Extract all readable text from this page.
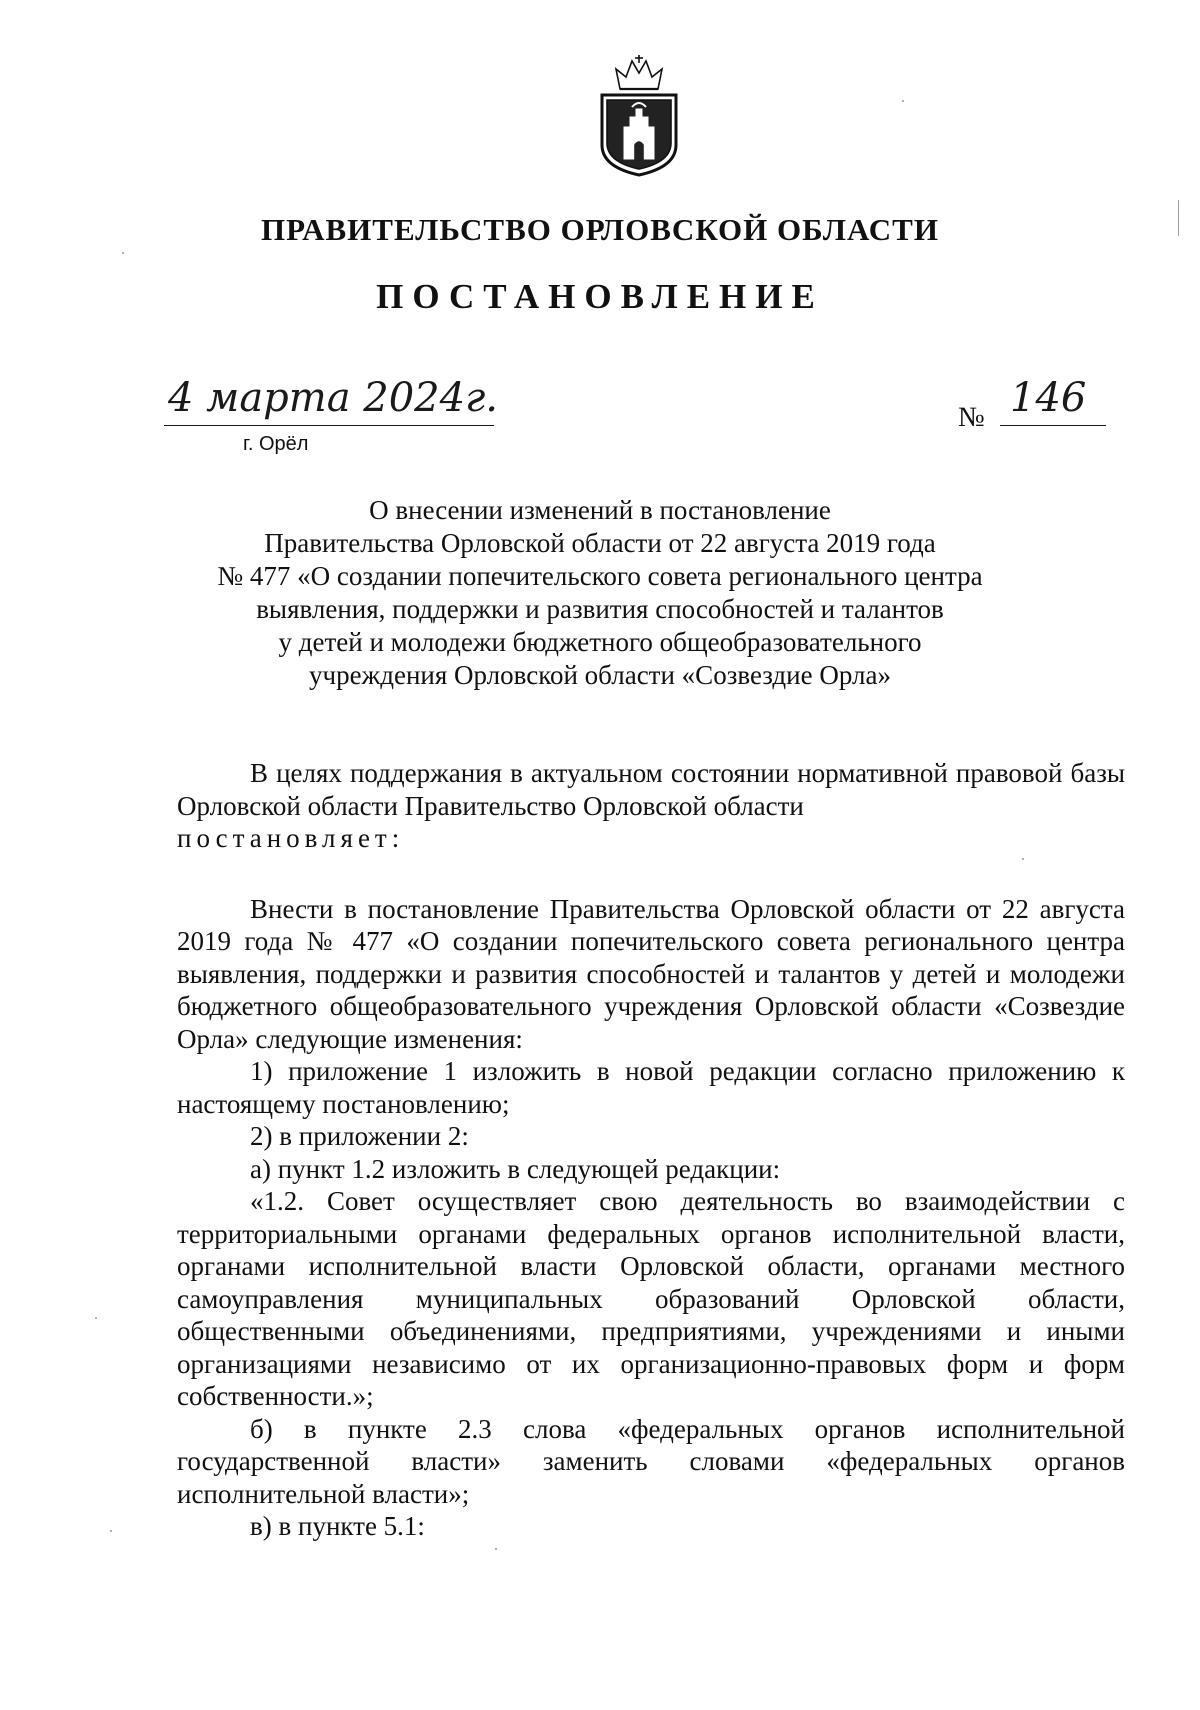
ПРАВИТЕЛЬСТВО ОРЛОВСКОЙ ОБЛАСТИ
ПОСТАНОВЛЕНИЕ
4 марта 2024г.
г. Орёл
№ 146
О внесении изменений в постановление
Правительства Орловской области от 22 августа 2019 года
№ 477 «О создании попечительского совета регионального центра
выявления, поддержки и развития способностей и талантов
у детей и молодежи бюджетного общеобразовательного
учреждения Орловской области «Созвездие Орла»

В целях поддержания в актуальном состоянии нормативной правовой базы Орловской области Правительство Орловской области

постановляет:

Внести в постановление Правительства Орловской области от 22 августа 2019 года № 477 «О создании попечительского совета регионального центра выявления, поддержки и развития способностей и талантов у детей и молодежи бюджетного общеобразовательного учреждения Орловской области «Созвездие Орла» следующие изменения:

1) приложение 1 изложить в новой редакции согласно приложению к настоящему постановлению;

2) в приложении 2:

а) пункт 1.2 изложить в следующей редакции:

«1.2. Совет осуществляет свою деятельность во взаимодействии с территориальными органами федеральных органов исполнительной власти, органами исполнительной власти Орловской области, органами местного самоуправления муниципальных образований Орловской области, общественными объединениями, предприятиями, учреждениями и иными организациями независимо от их организационно-правовых форм и форм собственности.»;

б) в пункте 2.3 слова «федеральных органов исполнительной государственной власти» заменить словами «федеральных органов исполнительной власти»;

в) в пункте 5.1:
